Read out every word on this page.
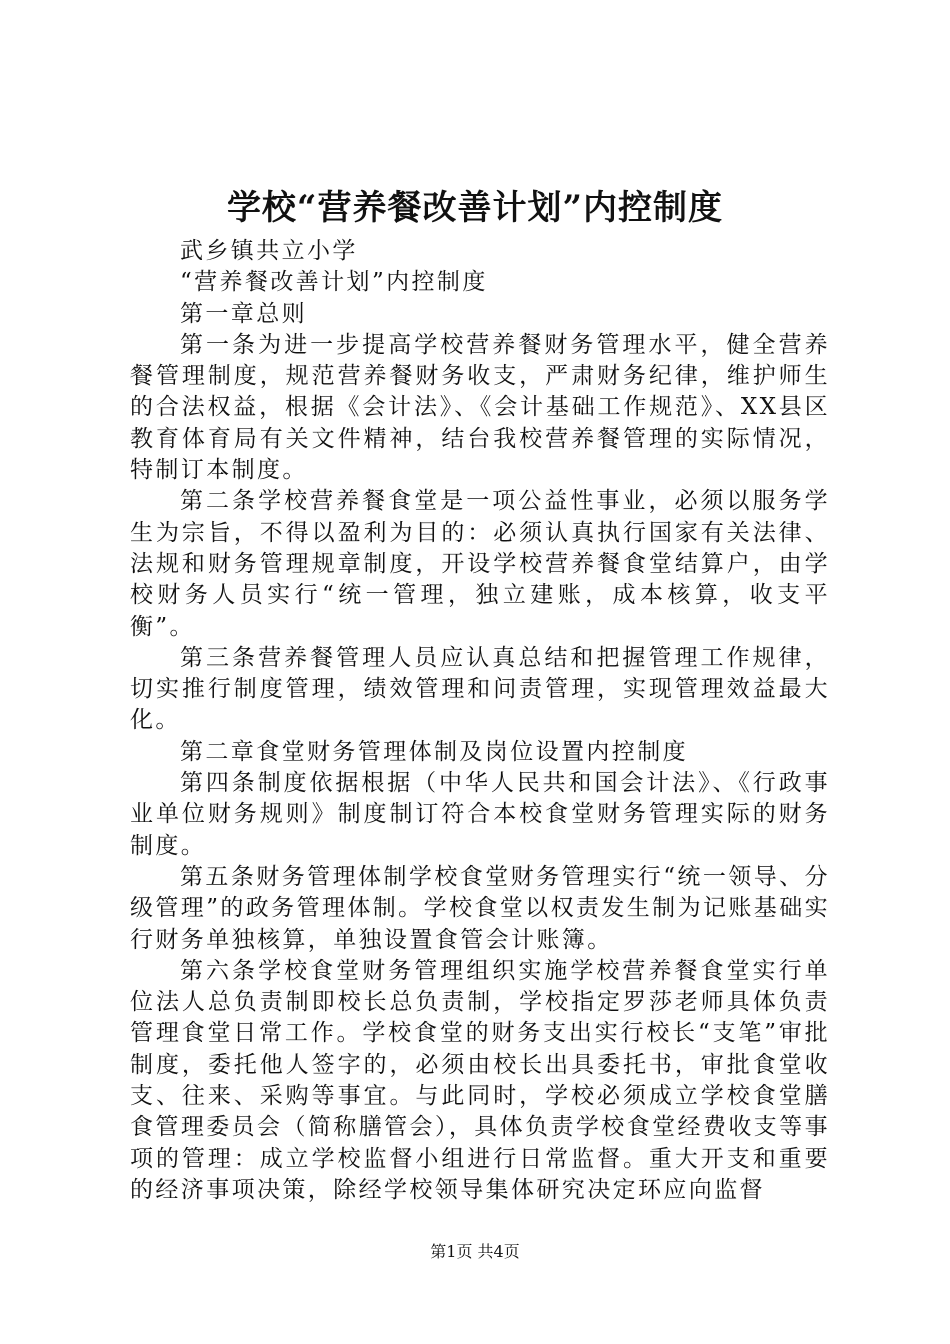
学校“营养餐改善计划”内控制度

武乡镇共立小学

“营养餐改善计划”内控制度

第一章总则

第一条为进一步提高学校营养餐财务管理水平，健全营养餐管理制度，规范营养餐财务收支，严肃财务纪律，维护师生的合法权益，根据《会计法》、《会计基础工作规范》、XX县区教育体育局有关文件精神，结台我校营养餐管理的实际情况，特制订本制度。

第二条学校营养餐食堂是一项公益性事业，必须以服务学生为宗旨，不得以盈利为目的：必须认真执行国家有关法律、法规和财务管理规章制度，开设学校营养餐食堂结算户，由学校财务人员实行“统一管理，独立建账，成本核算，收支平衡”。

第三条营养餐管理人员应认真总结和把握管理工作规律，切实推行制度管理，绩效管理和问责管理，实现管理效益最大化。

第二章食堂财务管理体制及岗位设置内控制度

第四条制度依据根据（中华人民共和国会计法》、《行政事业单位财务规则》制度制订符合本校食堂财务管理实际的财务制度。

第五条财务管理体制学校食堂财务管理实行“统一领导、分级管理”的政务管理体制。学校食堂以权责发生制为记账基础实行财务单独核算，单独设置食管会计账簿。

第六条学校食堂财务管理组织实施学校营养餐食堂实行单位法人总负责制即校长总负责制，学校指定罗莎老师具体负责管理食堂日常工作。学校食堂的财务支出实行校长“支笔”审批制度，委托他人签字的，必须由校长出具委托书，审批食堂收支、往来、采购等事宜。与此同时，学校必须成立学校食堂膳食管理委员会（简称膳管会），具体负责学校食堂经费收支等事项的管理：成立学校监督小组进行日常监督。重大开支和重要的经济事项决策，除经学校领导集体研究决定环应向监督

第1页 共4页
